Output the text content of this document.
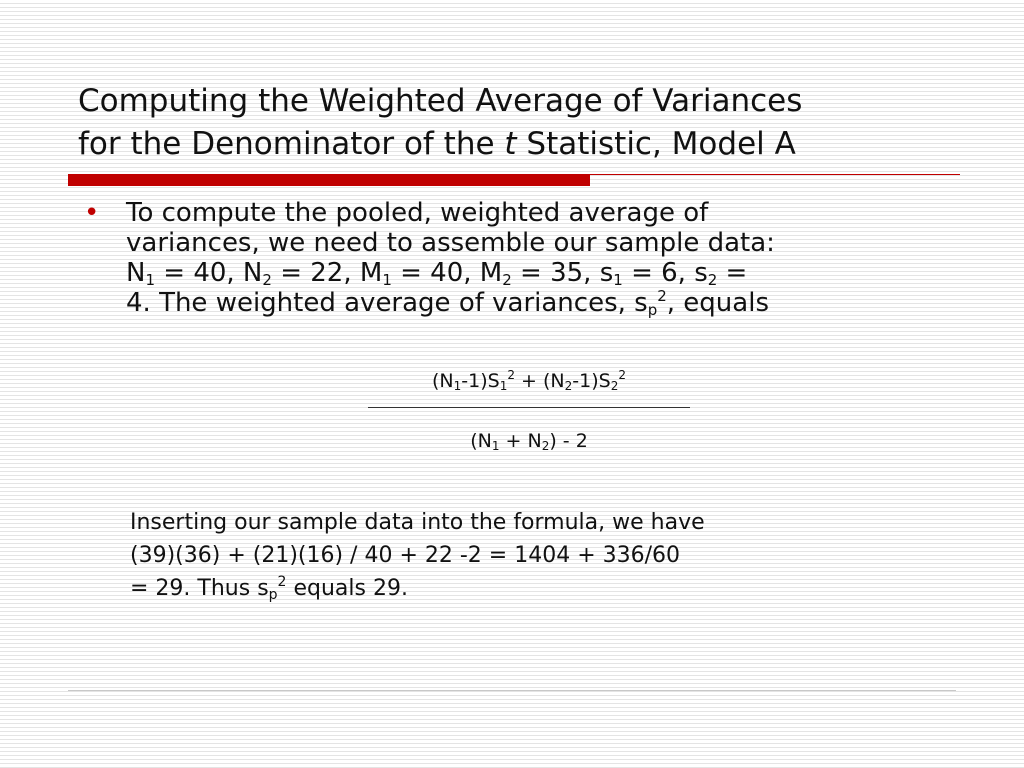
Computing the Weighted Average of Variances
for the Denominator of the t Statistic, Model A
• To compute the pooled, weighted average of
variances, we need to assemble our sample data:
$N_1 = 40$, $N_2 = 22$, $M_1 = 40$, $M_2 = 35$, $s_1 = 6$, $s_2$ =
4. The weighted average of variances, $s_p^2$, equals
$(N_1-1)S_1^2 + (N_2-1)S_2^2$
$(N_1 + N_2) - 2$
Inserting our sample data into the formula, we have
(39)(36) + (21)(16) / 40 + 22 -2 = 1404 + 336/60
= 29. Thus $s_p^2$ equals 29.
